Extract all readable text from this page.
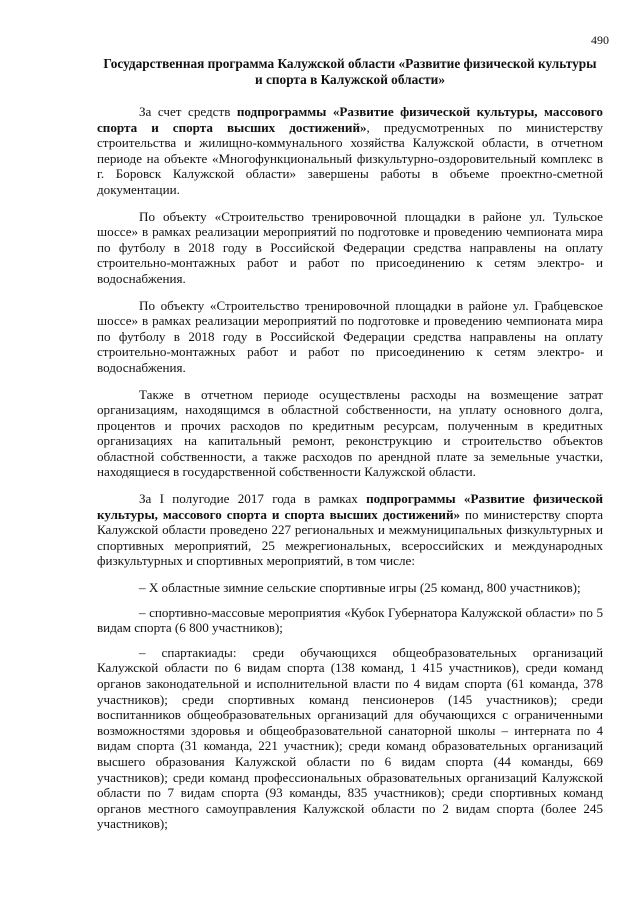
490
Государственная программа Калужской области «Развитие физической культуры и спорта в Калужской области»

За счет средств подпрограммы «Развитие физической культуры, массового спорта и спорта высших достижений», предусмотренных по министерству строительства и жилищно-коммунального хозяйства Калужской области, в отчетном периоде на объекте «Многофункциональный физкультурно-оздоровительный комплекс в г. Боровск Калужской области» завершены работы в объеме проектно-сметной документации.

По объекту «Строительство тренировочной площадки в районе ул. Тульское шоссе» в рамках реализации мероприятий по подготовке и проведению чемпионата мира по футболу в 2018 году в Российской Федерации средства направлены на оплату строительно-монтажных работ и работ по присоединению к сетям электро- и водоснабжения.

По объекту «Строительство тренировочной площадки в районе ул. Грабцевское шоссе» в рамках реализации мероприятий по подготовке и проведению чемпионата мира по футболу в 2018 году в Российской Федерации средства направлены на оплату строительно-монтажных работ и работ по присоединению к сетям электро- и водоснабжения.

Также в отчетном периоде осуществлены расходы на возмещение затрат организациям, находящимся в областной собственности, на уплату основного долга, процентов и прочих расходов по кредитным ресурсам, полученным в кредитных организациях на капитальный ремонт, реконструкцию и строительство объектов областной собственности, а также расходов по арендной плате за земельные участки, находящиеся в государственной собственности Калужской области.

За I полугодие 2017 года в рамках подпрограммы «Развитие физической культуры, массового спорта и спорта высших достижений» по министерству спорта Калужской области проведено 227 региональных и межмуниципальных физкультурных и спортивных мероприятий, 25 межрегиональных, всероссийских и международных физкультурных и спортивных мероприятий, в том числе:

– X областные зимние сельские спортивные игры (25 команд, 800 участников);

– спортивно-массовые мероприятия «Кубок Губернатора Калужской области» по 5 видам спорта (6 800 участников);

– спартакиады: среди обучающихся общеобразовательных организаций Калужской области по 6 видам спорта (138 команд, 1 415 участников), среди команд органов законодательной и исполнительной власти по 4 видам спорта (61 команда, 378 участников); среди спортивных команд пенсионеров (145 участников); среди воспитанников общеобразовательных организаций для обучающихся с ограниченными возможностями здоровья и общеобразовательной санаторной школы – интерната по 4 видам спорта (31 команда, 221 участник); среди команд образовательных организаций высшего образования Калужской области по 6 видам спорта (44 команды, 669 участников); среди команд профессиональных образовательных организаций Калужской области по 7 видам спорта (93 команды, 835 участников); среди спортивных команд органов местного самоуправления Калужской области по 2 видам спорта (более 245 участников);
